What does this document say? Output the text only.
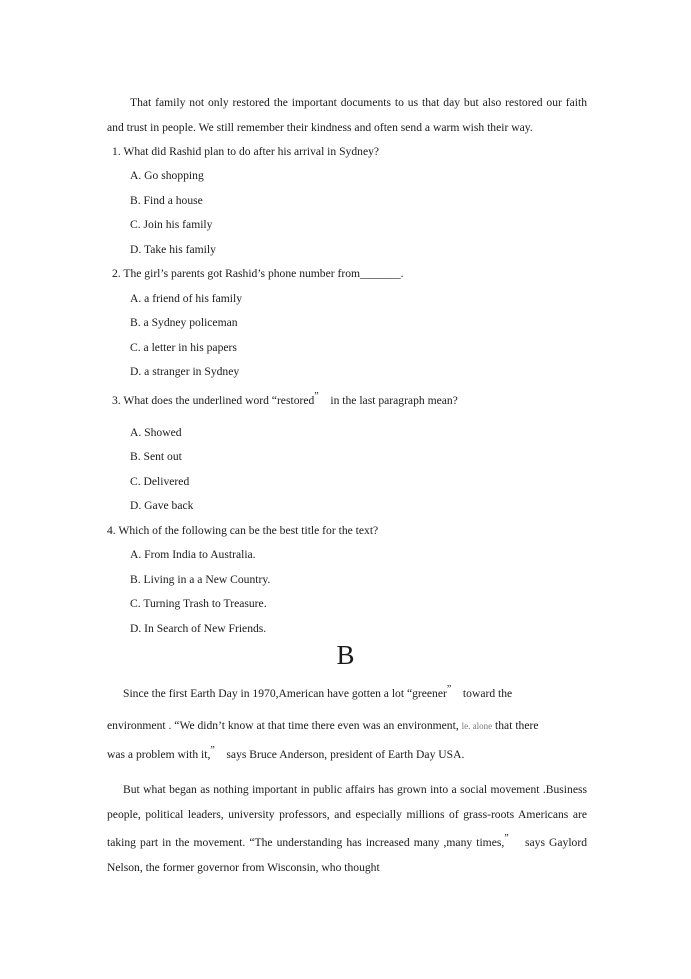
That family not only restored the important documents to us that day but also restored our faith and trust in people. We still remember their kindness and often send a warm wish their way.

1. What did Rashid plan to do after his arrival in Sydney?
A. Go shopping
B. Find a house
C. Join his family
D. Take his family
2. The girl’s parents got Rashid’s phone number from_______.
A. a friend of his family
B. a Sydney policeman
C. a letter in his papers
D. a stranger in Sydney
3. What does the underlined word “restored” in the last paragraph mean?
A. Showed
B. Sent out
C. Delivered
D. Gave back
4. Which of the following can be the best title for the text?
A. From India to Australia.
B. Living in a a New Country.
C. Turning Trash to Treasure.
D. In Search of New Friends.
B
Since the first Earth Day in 1970,American have gotten a lot “greener” toward the
environment . “We didn’t know at that time there even was an environment, le. alone that there
was a problem with it,” says Bruce Anderson, president of Earth Day USA.

But what began as nothing important in public affairs has grown into a social movement .Business people, political leaders, university professors, and especially millions of grass-roots Americans are taking part in the movement. “The understanding has increased many ,many times,” says Gaylord Nelson, the former governor from Wisconsin, who thought
